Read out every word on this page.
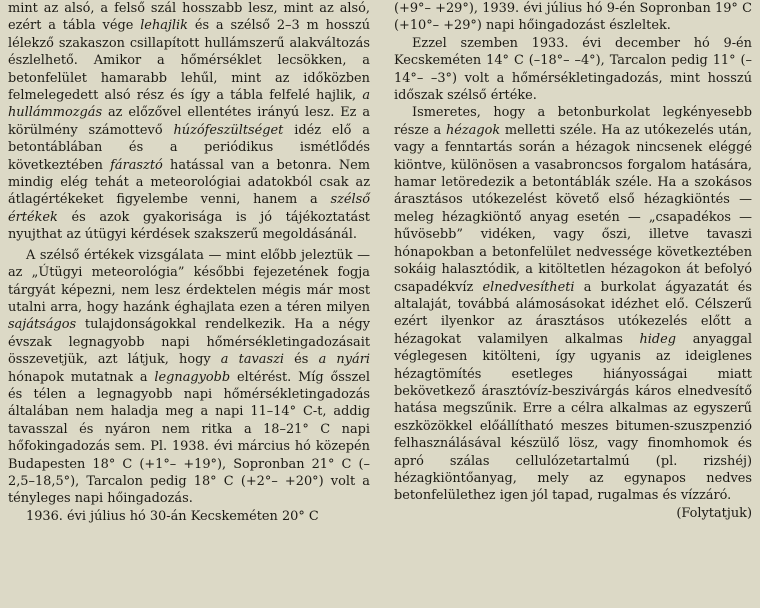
mint az alsó, a felső szál hosszabb lesz, mint az alsó, ezért a tábla vége lehajlik és a szélső 2–3 m hosszú lélekző szakaszon csillapított hullámszerű alakváltozás észlelhető. Amikor a hőmérséklet lecsökken, a betonfelület hamarabb lehűl, mint az időközben felmelegedett alsó rész és így a tábla felfelé hajlik, a hullámmozgás az előzővel ellentétes irányú lesz. Ez a körülmény számottevő húzófeszültséget idéz elő a betontáblában és a periódikus ismétlődés következtében fárasztó hatással van a betonra. Nem mindig elég tehát a meteorológiai adatokból csak az átlagértékeket figyelembe venni, hanem a szélső értékek és azok gyakorisága is jó tájékoztatást nyujthat az útügyi kérdések szakszerű megoldásánál.

A szélső értékek vizsgálata — mint előbb jeleztük — az „Útügyi meteorológia” későbbi fejezetének fogja tárgyát képezni, nem lesz érdektelen mégis már most utalni arra, hogy hazánk éghajlata ezen a téren milyen sajátságos tulajdonságokkal rendelkezik. Ha a négy évszak legnagyobb napi hőmérsékletingadozásait összevetjük, azt látjuk, hogy a tavaszi és a nyári hónapok mutatnak a legnagyobb eltérést. Míg ősszel és télen a legnagyobb napi hőmérsékletingadozás általában nem haladja meg a napi 11–14° C-t, addig tavasszal és nyáron nem ritka a 18–21° C napi hőfokingadozás sem. Pl. 1938. évi március hó közepén Budapesten 18° C (+1°– +19°), Sopronban 21° C (–2,5–18,5°), Tarcalon pedig 18° C (+2°– +20°) volt a tényleges napi hőingadozás.

1936. évi július hó 30-án Kecskeméten 20° C

(+9°– +29°), 1939. évi július hó 9-én Sopronban 19° C (+10°– +29°) napi hőingadozást észleltek.

Ezzel szemben 1933. évi december hó 9-én Kecskeméten 14° C (–18°– –4°), Tarcalon pedig 11° (–14°– –3°) volt a hőmérsékletingadozás, mint hosszú időszak szélső értéke.

Ismeretes, hogy a betonburkolat legkényesebb része a hézagok melletti széle. Ha az utókezelés után, vagy a fenntartás során a hézagok nincsenek eléggé kiöntve, különösen a vasabroncsos forgalom hatására, hamar letöredezik a betontáblák széle. Ha a szokásos árasztásos utókezelést követő első hézagkiöntés — meleg hézagkiöntő anyag esetén — „csapadékos — hűvösebb” vidéken, vagy őszi, illetve tavaszi hónapokban a betonfelület nedvessége következtében sokáig halasztódik, a kitöltetlen hézagokon át befolyó csapadékvíz elnedvesítheti a burkolat ágyazatát és altalaját, továbbá alámosásokat idézhet elő. Célszerű ezért ilyenkor az árasztásos utókezelés előtt a hézagokat valamilyen alkalmas hideg anyaggal véglegesen kitölteni, így ugyanis az ideiglenes hézagtömítés esetleges hiányosságai miatt bekövetkező árasztóvíz-beszivárgás káros elnedvesítő hatása megszűnik. Erre a célra alkalmas az egyszerű eszközökkel előállítható meszes bitumen-szuszpenzió felhasználásával készülő lösz, vagy finomhomok és apró szálas cellulózetartalmú (pl. rizshéj) hézagkiöntőanyag, mely az egynapos nedves betonfelülethez igen jól tapad, rugalmas és vízzáró.

(Folytatjuk)
